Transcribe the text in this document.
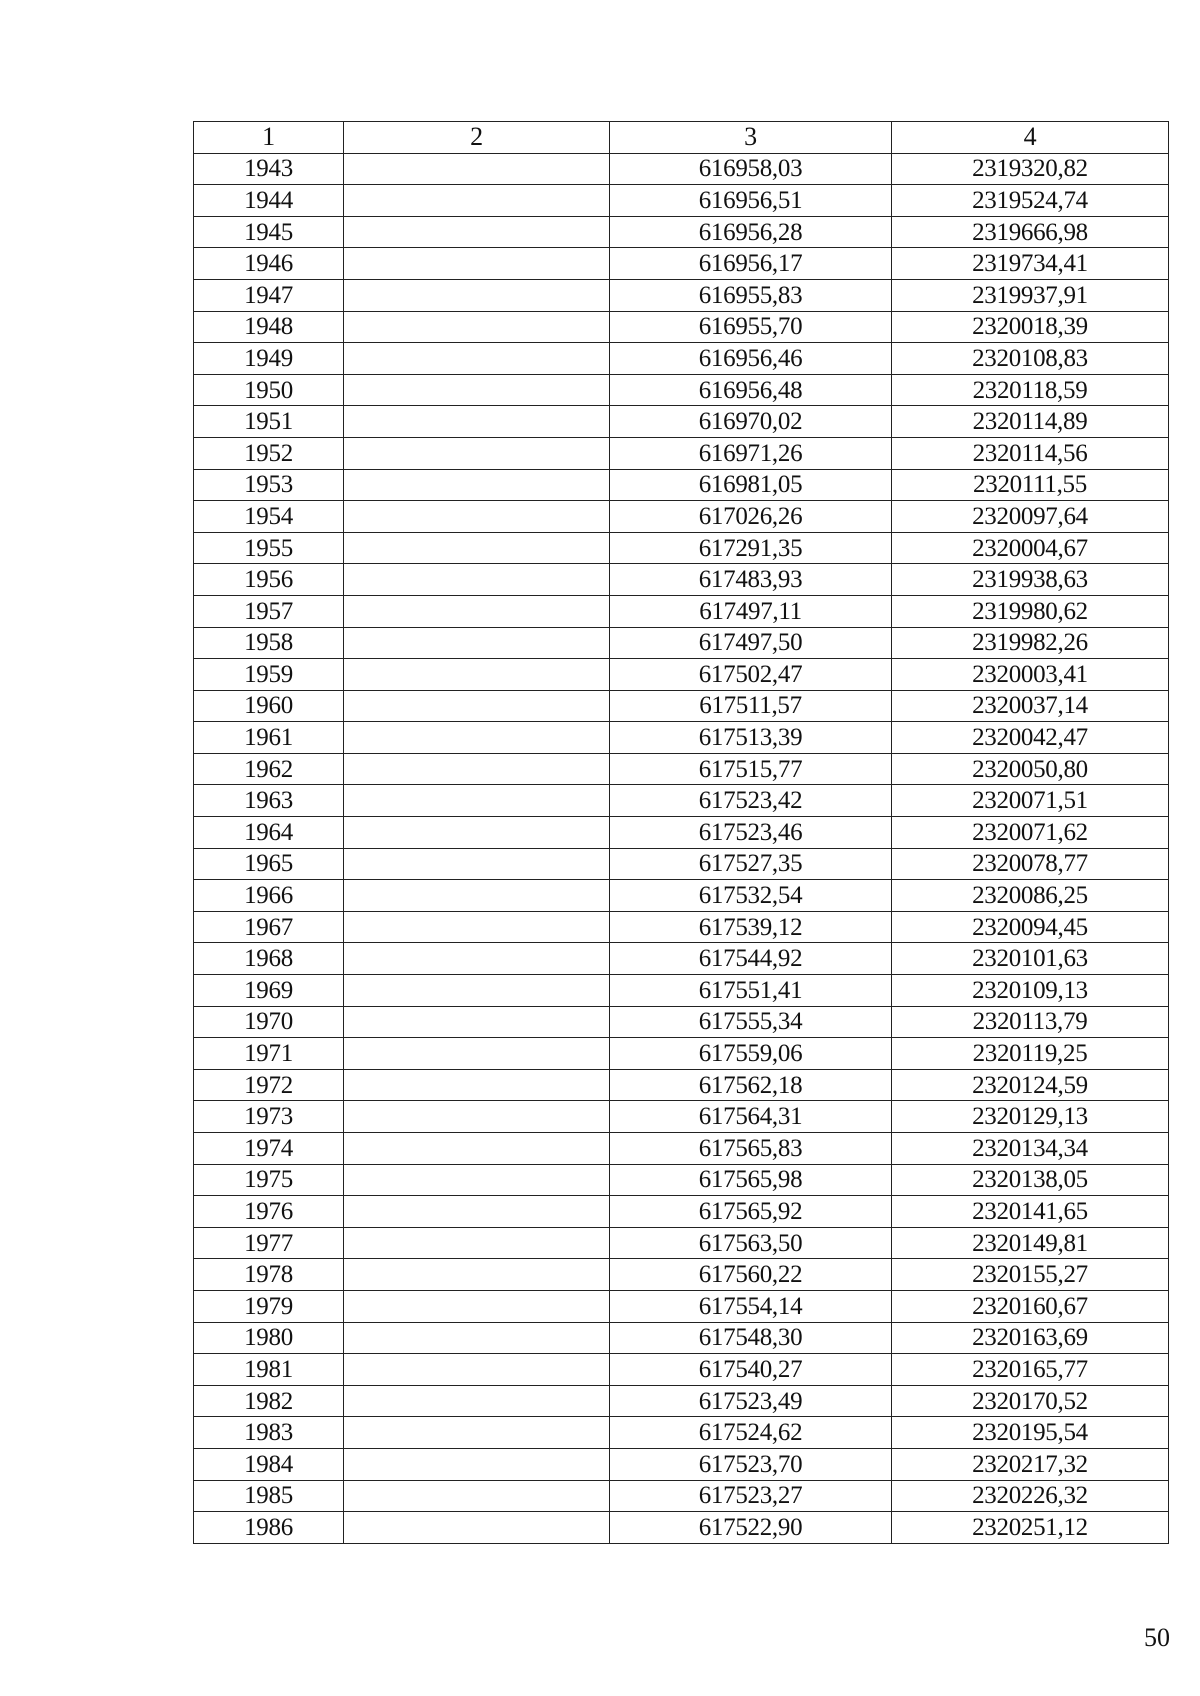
1	2	3	4
1943		616958,03	2319320,82
1944		616956,51	2319524,74
1945		616956,28	2319666,98
1946		616956,17	2319734,41
1947		616955,83	2319937,91
1948		616955,70	2320018,39
1949		616956,46	2320108,83
1950		616956,48	2320118,59
1951		616970,02	2320114,89
1952		616971,26	2320114,56
1953		616981,05	2320111,55
1954		617026,26	2320097,64
1955		617291,35	2320004,67
1956		617483,93	2319938,63
1957		617497,11	2319980,62
1958		617497,50	2319982,26
1959		617502,47	2320003,41
1960		617511,57	2320037,14
1961		617513,39	2320042,47
1962		617515,77	2320050,80
1963		617523,42	2320071,51
1964		617523,46	2320071,62
1965		617527,35	2320078,77
1966		617532,54	2320086,25
1967		617539,12	2320094,45
1968		617544,92	2320101,63
1969		617551,41	2320109,13
1970		617555,34	2320113,79
1971		617559,06	2320119,25
1972		617562,18	2320124,59
1973		617564,31	2320129,13
1974		617565,83	2320134,34
1975		617565,98	2320138,05
1976		617565,92	2320141,65
1977		617563,50	2320149,81
1978		617560,22	2320155,27
1979		617554,14	2320160,67
1980		617548,30	2320163,69
1981		617540,27	2320165,77
1982		617523,49	2320170,52
1983		617524,62	2320195,54
1984		617523,70	2320217,32
1985		617523,27	2320226,32
1986		617522,90	2320251,12
50
